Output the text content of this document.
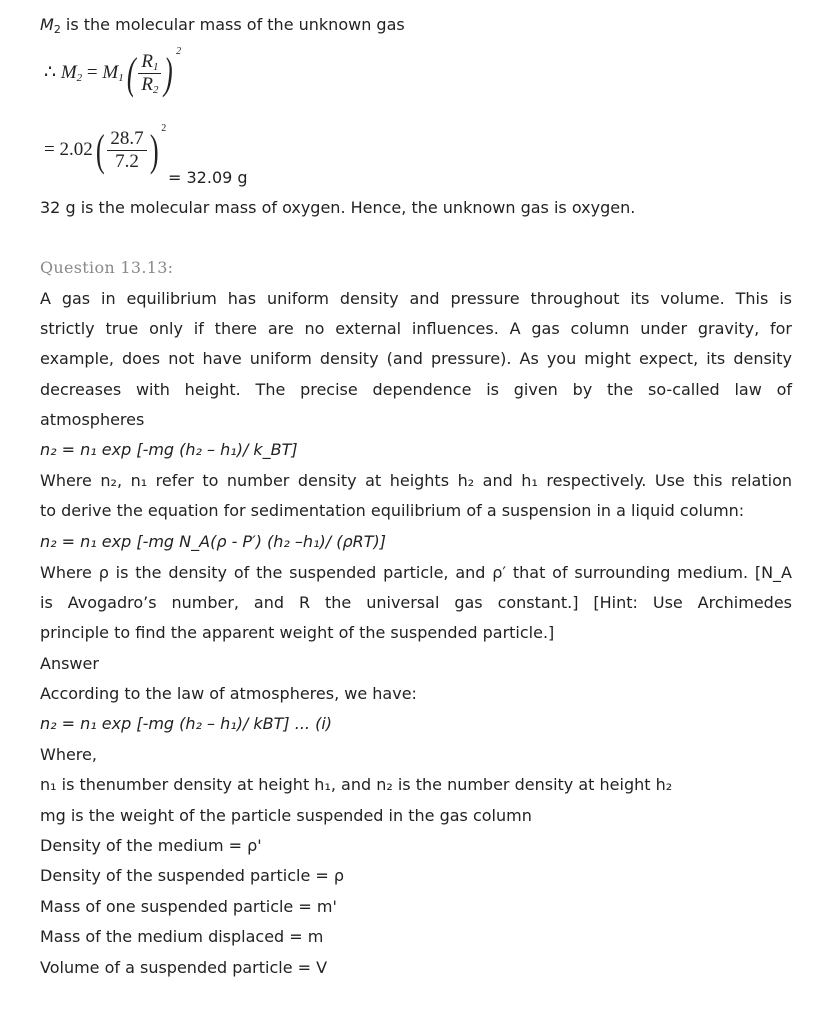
$M_2$ is the molecular mass of the unknown gas
∴ $M_2 = M_1( \frac{R_1}{R_2}$ ) $^2$
= $2.02( \frac{28.7}{7.2}$ ) $^2$
= 32.09 g
32 g is the molecular mass of oxygen. Hence, the unknown gas is oxygen.
Question 13.13:
A gas in equilibrium has uniform density and pressure throughout its volume. This is
strictly true only if there are no external influences. A gas column under gravity, for
example, does not have uniform density (and pressure). As you might expect, its density
decreases with height. The precise dependence is given by the so-called law of
atmospheres
n₂ = n₁ exp [-mg (h₂ – h₁)/ k_BT]
Where n₂, n₁ refer to number density at heights h₂ and h₁ respectively. Use this relation
to derive the equation for sedimentation equilibrium of a suspension in a liquid column:
n₂ = n₁ exp [-mg N_A(ρ - P′) (h₂ –h₁)/ (ρRT)]
Where ρ is the density of the suspended particle, and ρ′ that of surrounding medium. [N_A
is Avogadro’s number, and R the universal gas constant.] [Hint: Use Archimedes
principle to find the apparent weight of the suspended particle.]
Answer
According to the law of atmospheres, we have:
n₂ = n₁ exp [-mg (h₂ – h₁)/ kBT] ... (i)
Where,
n₁ is thenumber density at height h₁, and n₂ is the number density at height h₂
mg is the weight of the particle suspended in the gas column
Density of the medium = ρ'
Density of the suspended particle = ρ
Mass of one suspended particle = m'
Mass of the medium displaced = m
Volume of a suspended particle = V
